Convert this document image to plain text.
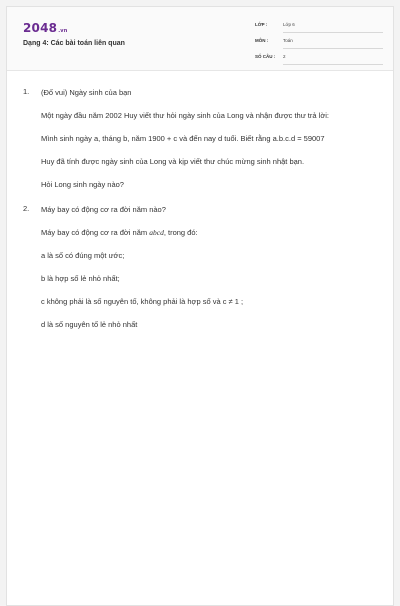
2048.vn
Dạng 4: Các bài toán liên quan
LỚP :	Lớp 6
MÔN :	Toán
SỐ CÂU : 2
1. (Đố vui) Ngày sinh của bạn
Một ngày đầu năm 2002 Huy viết thư hỏi ngày sinh của Long và nhận được thư trả lời:
Mình sinh ngày a, tháng b, năm 1900 + c và đến nay d tuổi. Biết rằng a.b.c.d = 59007
Huy đã tính được ngày sinh của Long và kịp viết thư chúc mừng sinh nhật bạn.
Hỏi Long sinh ngày nào?
2. Máy bay có động cơ ra đời năm nào?
Máy bay có động cơ ra đời năm abcd, trong đó:
a là số có đúng một ước;
b là hợp số lẻ nhỏ nhất;
c không phải là số nguyên tố, không phải là hợp số và c ≠ 1 ;
d là số nguyên tố lẻ nhỏ nhất
